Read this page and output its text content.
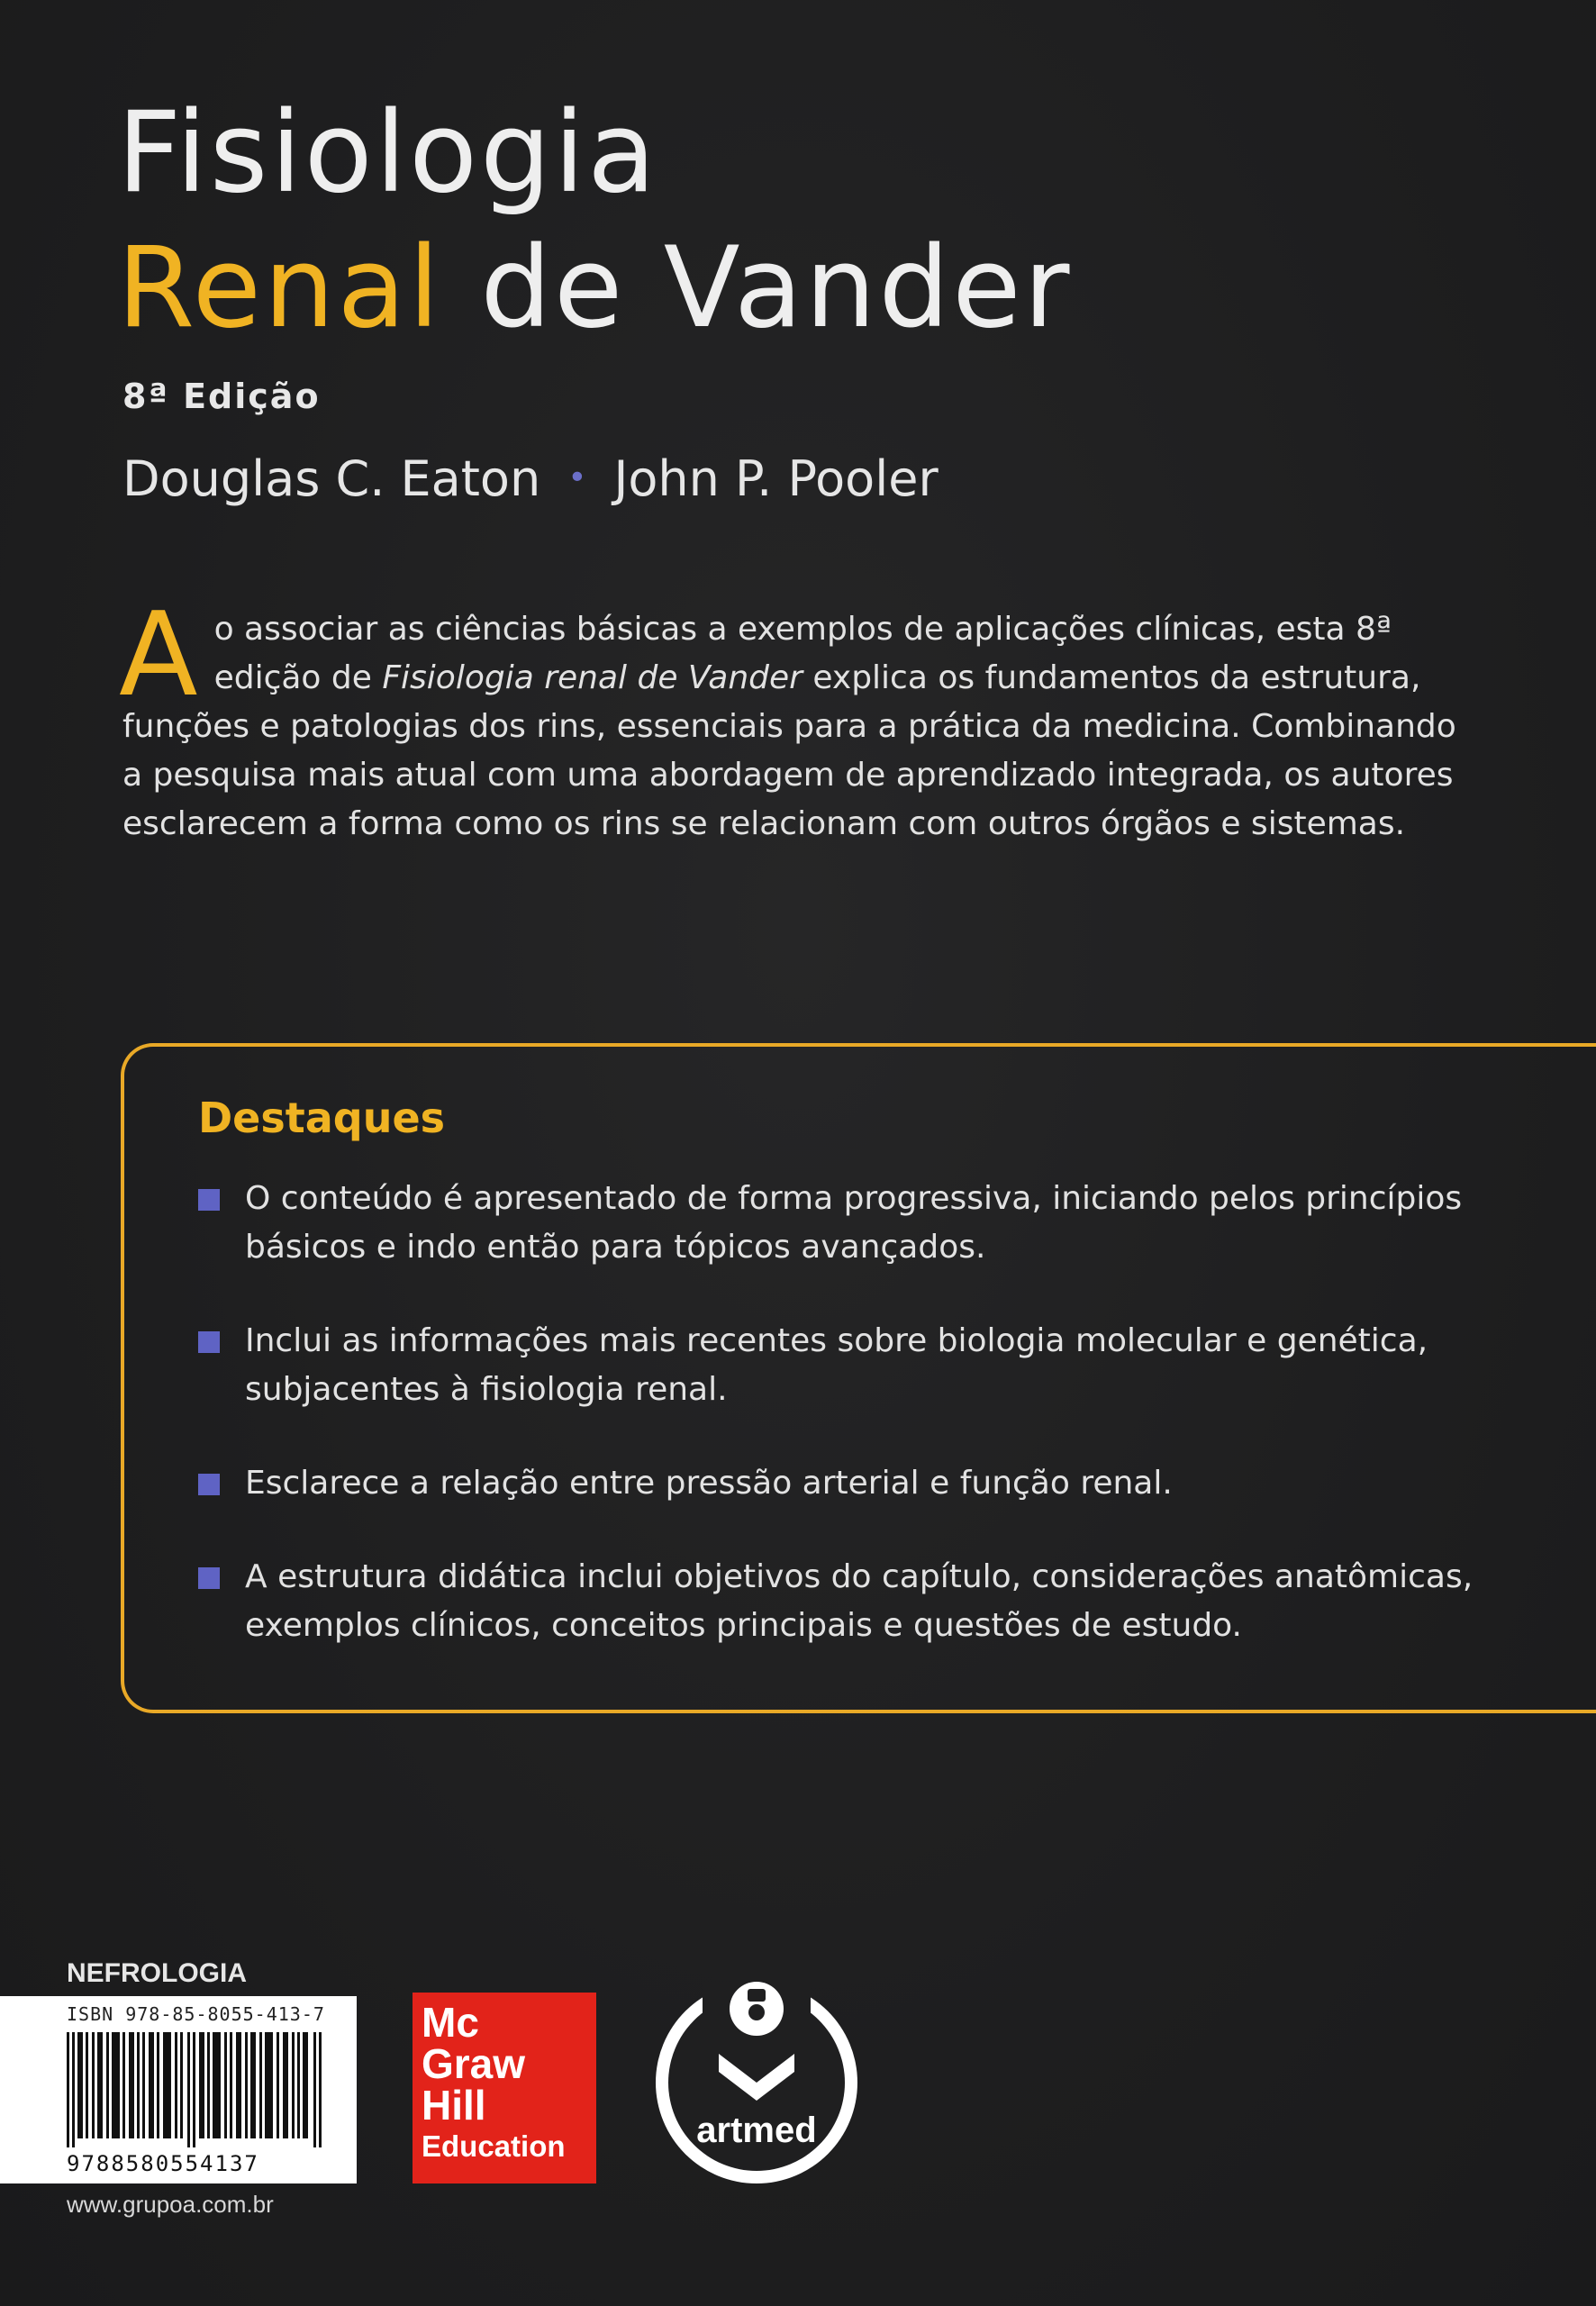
Fisiologia
Renal de Vander
8ª Edição
Douglas C. Eaton • John P. Pooler
Ao associar as ciências básicas a exemplos de aplicações clínicas, esta 8ª edição de Fisiologia renal de Vander explica os fundamentos da estrutura, funções e patologias dos rins, essenciais para a prática da medicina. Combinando a pesquisa mais atual com uma abordagem de aprendizado integrada, os autores esclarecem a forma como os rins se relacionam com outros órgãos e sistemas.
Destaques
O conteúdo é apresentado de forma progressiva, iniciando pelos princípios básicos e indo então para tópicos avançados.
Inclui as informações mais recentes sobre biologia molecular e genética, subjacentes à fisiologia renal.
Esclarece a relação entre pressão arterial e função renal.
A estrutura didática inclui objetivos do capítulo, considerações anatômicas, exemplos clínicos, conceitos principais e questões de estudo.
NEFROLOGIA
ISBN 978-85-8055-413-7
9788580554137
www.grupoa.com.br
Mc
Graw
Hill
Education	artmed
